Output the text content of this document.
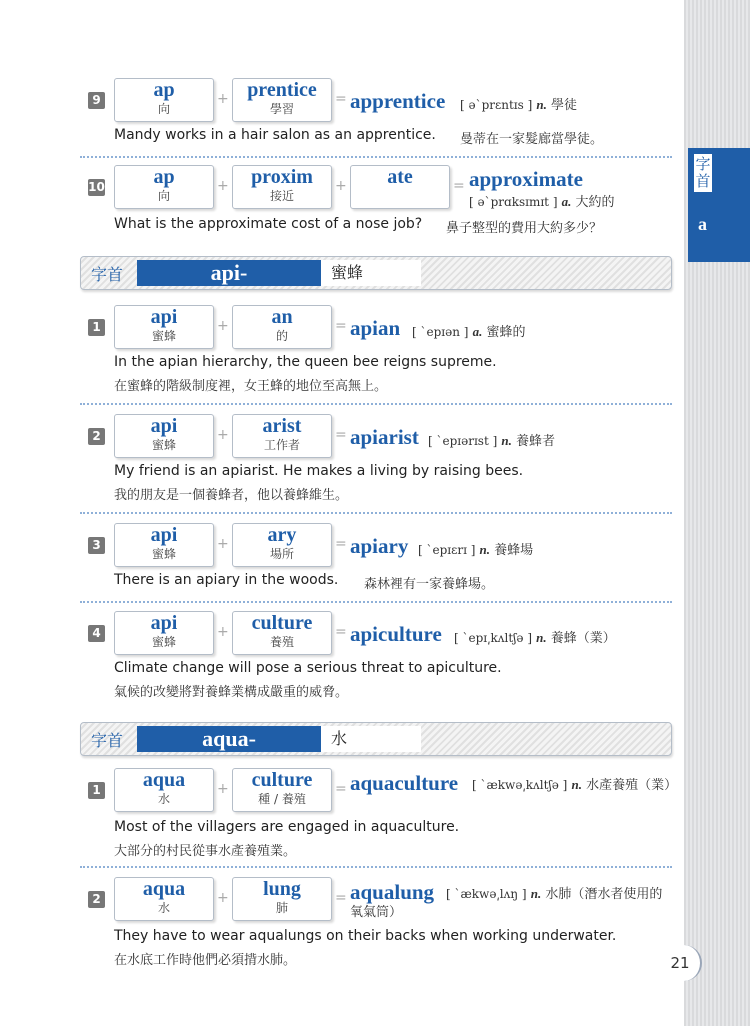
字首
a
9	ap
向
+ prentice
學習
= apprentice [ ə`prɛntɪs ] n. 學徒
Mandy works in a hair salon as an apprentice. 曼蒂在一家髮廊當學徒。
10	ap
向
+	proxim
接近
+	ate	= approximate
[ ə`prɑksɪmɪt ] a. 大約的
What is the approximate cost of a nose job? 鼻子整型的費用大約多少？
字首	api-	蜜蜂
1	api
蜜蜂
+	an
的
= apian [ `epɪən ] a. 蜜蜂的
In the apian hierarchy, the queen bee reigns supreme.
在蜜蜂的階級制度裡，女王蜂的地位至高無上。
2	api
蜜蜂
+	arist
工作者
= apiarist [ `epɪərɪst ] n. 養蜂者
My friend is an apiarist. He makes a living by raising bees.
我的朋友是一個養蜂者，他以養蜂維生。
3	api
蜜蜂
+	ary
場所
= apiary [ `epɪɛrɪ ] n. 養蜂場
There is an apiary in the woods. 森林裡有一家養蜂場。
4	api
蜜蜂
+	culture
養殖
= apiculture [ `epɪ͵kʌltʃə ] n. 養蜂（業）
Climate change will pose a serious threat to apiculture.
氣候的改變將對養蜂業構成嚴重的威脅。
字首	aqua-	水
1	aqua
水
+	culture
種 / 養殖
= aquaculture	[ `ækwə͵kʌltʃə ] n. 水產養殖（業）
Most of the villagers are engaged in aquaculture.
大部分的村民從事水產養殖業。
2	aqua
水
+	lung
肺
= aqualung [ `ækwə͵lʌŋ ] n. 水肺（潛水者使用的氧氣筒）
They have to wear aqualungs on their backs when working underwater.
在水底工作時他們必須揹水肺。	21
